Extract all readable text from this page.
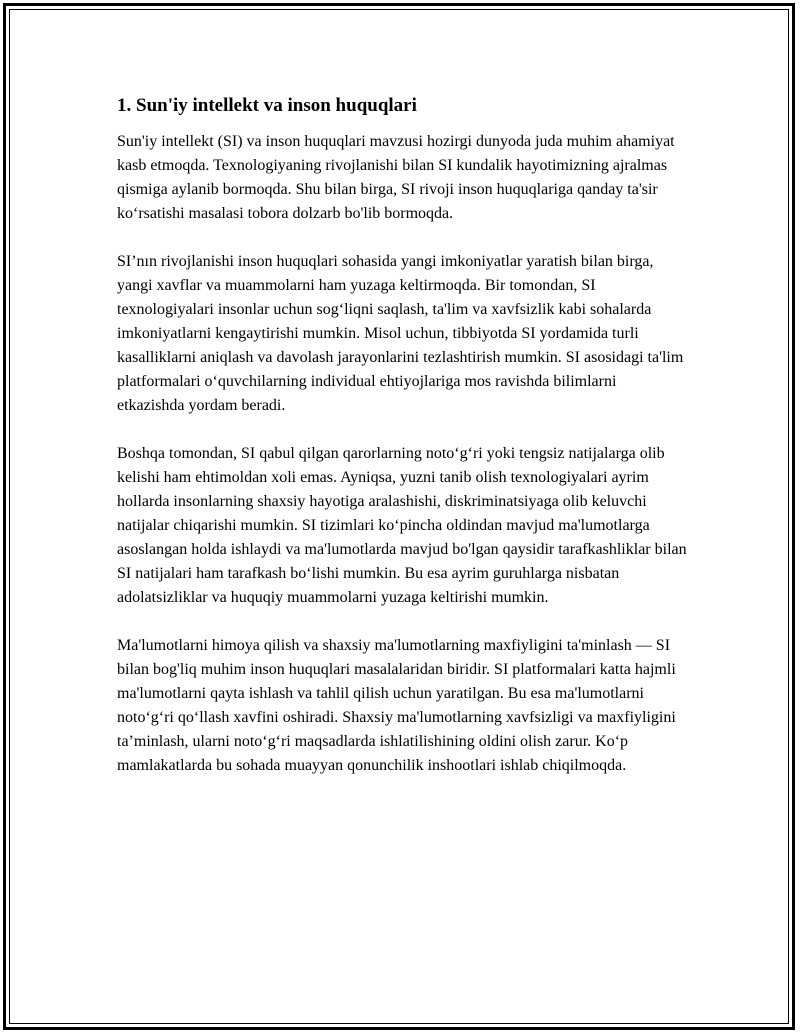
1. Sun'iy intellekt va inson huquqlari

Sun'iy intellekt (SI) va inson huquqlari mavzusi hozirgi dunyoda juda muhim ahamiyat kasb etmoqda. Texnologiyaning rivojlanishi bilan SI kundalik hayotimizning ajralmas qismiga aylanib bormoqda. Shu bilan birga, SI rivoji inson huquqlariga qanday ta'sir koʻrsatishi masalasi tobora dolzarb bo'lib bormoqda.

SI’nın rivojlanishi inson huquqlari sohasida yangi imkoniyatlar yaratish bilan birga, yangi xavflar va muammolarni ham yuzaga keltirmoqda. Bir tomondan, SI texnologiyalari insonlar uchun sogʻliqni saqlash, ta'lim va xavfsizlik kabi sohalarda imkoniyatlarni kengaytirishi mumkin. Misol uchun, tibbiyotda SI yordamida turli kasalliklarni aniqlash va davolash jarayonlarini tezlashtirish mumkin. SI asosidagi ta'lim platformalari oʻquvchilarning individual ehtiyojlariga mos ravishda bilimlarni etkazishda yordam beradi.

Boshqa tomondan, SI qabul qilgan qarorlarning notoʻgʻri yoki tengsiz natijalarga olib kelishi ham ehtimoldan xoli emas. Ayniqsa, yuzni tanib olish texnologiyalari ayrim hollarda insonlarning shaxsiy hayotiga aralashishi, diskriminatsiyaga olib keluvchi natijalar chiqarishi mumkin. SI tizimlari koʻpincha oldindan mavjud ma'lumotlarga asoslangan holda ishlaydi va ma'lumotlarda mavjud bo'lgan qaysidir tarafkashliklar bilan SI natijalari ham tarafkash boʻlishi mumkin. Bu esa ayrim guruhlarga nisbatan adolatsizliklar va huquqiy muammolarni yuzaga keltirishi mumkin.

Ma'lumotlarni himoya qilish va shaxsiy ma'lumotlarning maxfiyligini ta'minlash — SI bilan bog'liq muhim inson huquqlari masalalaridan biridir. SI platformalari katta hajmli ma'lumotlarni qayta ishlash va tahlil qilish uchun yaratilgan. Bu esa ma'lumotlarni notoʻgʻri qoʻllash xavfini oshiradi. Shaxsiy ma'lumotlarning xavfsizligi va maxfiyligini ta’minlash, ularni notoʻgʻri maqsadlarda ishlatilishining oldini olish zarur. Koʻp mamlakatlarda bu sohada muayyan qonunchilik inshootlari ishlab chiqilmoqda.
